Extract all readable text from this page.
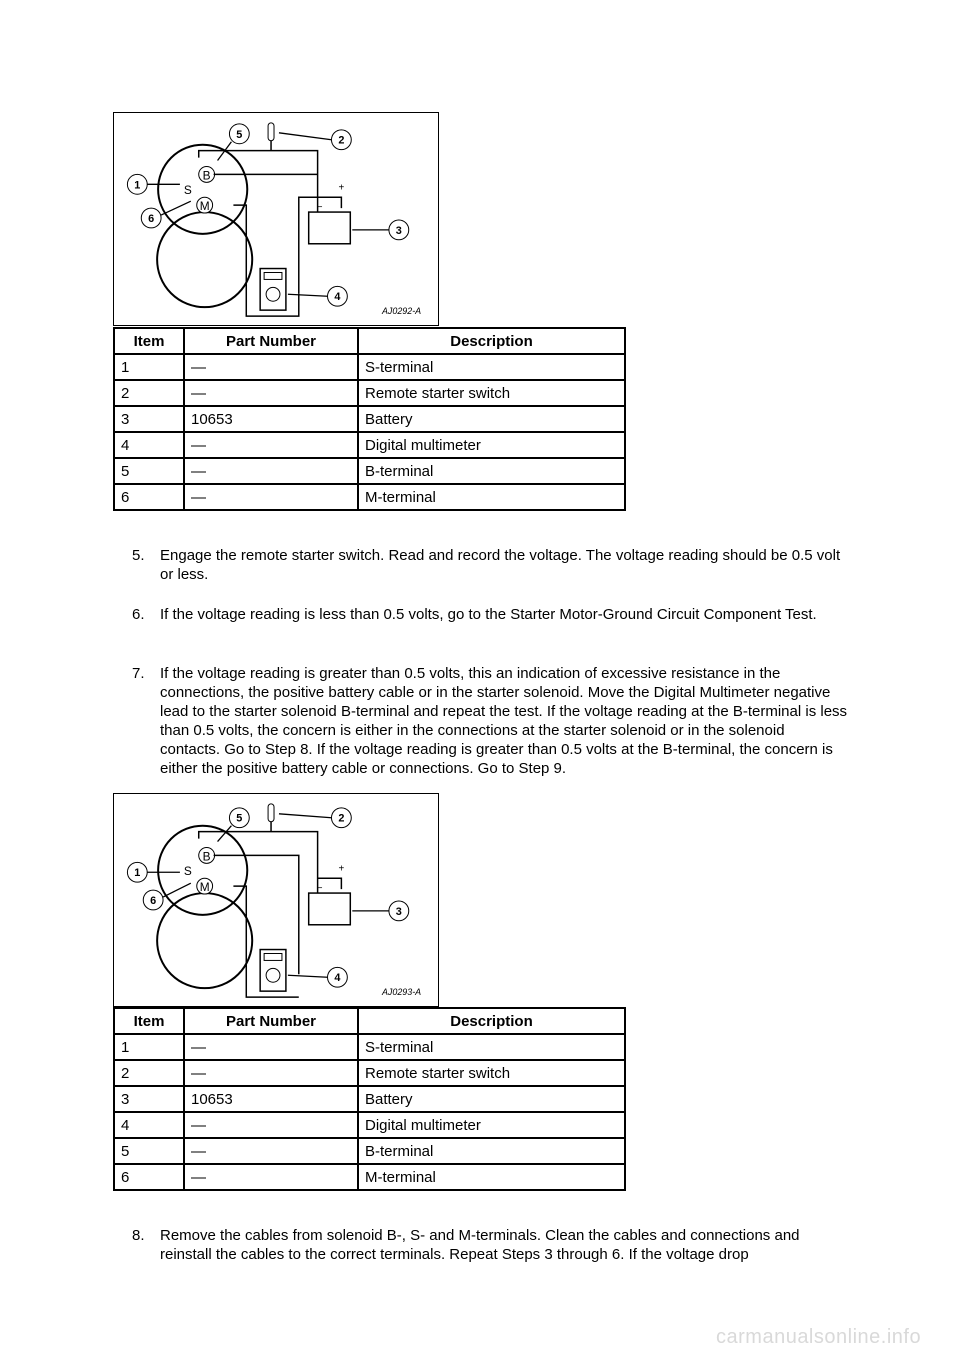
B
M
S
−
+
1
2
3
4
5
6
AJ0292-A
Item	Part Number	Description
1	—	S-terminal
2	—	Remote starter switch
3	10653	Battery
4	—	Digital multimeter
5	—	B-terminal
6	—	M-terminal
5. Engage the remote starter switch. Read and record the voltage. The voltage reading should be 0.5 volt or less.
6. If the voltage reading is less than 0.5 volts, go to the Starter Motor-Ground Circuit Component Test.
7. If the voltage reading is greater than 0.5 volts, this an indication of excessive resistance in the connections, the positive battery cable or in the starter solenoid. Move the Digital Multimeter negative lead to the starter solenoid B-terminal and repeat the test. If the voltage reading at the B-terminal is less than 0.5 volts, the concern is either in the connections at the starter solenoid or in the solenoid contacts. Go to Step 8. If the voltage reading is greater than 0.5 volts at the B-terminal, the concern is either the positive battery cable or connections. Go to Step 9.
B
M
S
−
+
1
2
3
4
5
6
AJ0293-A
Item	Part Number	Description
1	—	S-terminal
2	—	Remote starter switch
3	10653	Battery
4	—	Digital multimeter
5	—	B-terminal
6	—	M-terminal
8. Remove the cables from solenoid B-, S- and M-terminals. Clean the cables and connections and reinstall the cables to the correct terminals. Repeat Steps 3 through 6. If the voltage drop
carmanualsonline.info
